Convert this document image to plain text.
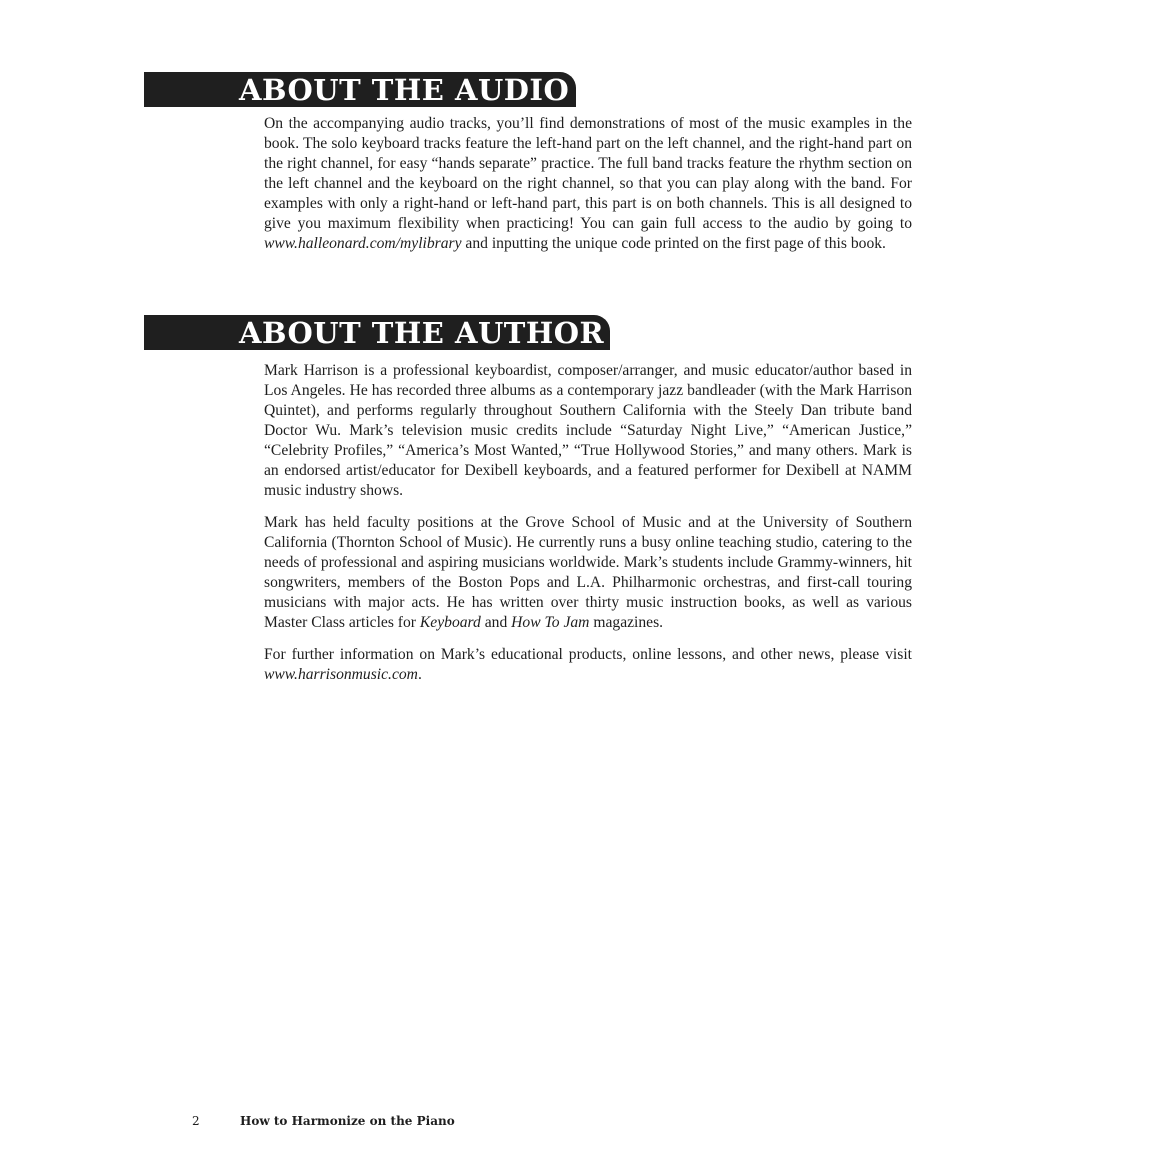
ABOUT THE AUDIO

On the accompanying audio tracks, you’ll find demonstrations of most of the music examples in the book. The solo keyboard tracks feature the left-hand part on the left channel, and the right-hand part on the right channel, for easy “hands separate” practice. The full band tracks feature the rhythm section on the left channel and the keyboard on the right channel, so that you can play along with the band. For examples with only a right-hand or left-hand part, this part is on both channels. This is all designed to give you maximum flexibility when practicing! You can gain full access to the audio by going to www.halleonard.com/mylibrary and inputting the unique code printed on the first page of this book.

ABOUT THE AUTHOR

Mark Harrison is a professional keyboardist, composer/arranger, and music educator/author based in Los Angeles. He has recorded three albums as a contemporary jazz bandleader (with the Mark Harrison Quintet), and performs regularly throughout Southern California with the Steely Dan tribute band Doctor Wu. Mark’s television music credits include “Saturday Night Live,” “American Justice,” “Celebrity Profiles,” “America’s Most Wanted,” “True Hollywood Stories,” and many others. Mark is an endorsed artist/educator for Dexibell keyboards, and a featured performer for Dexibell at NAMM music industry shows.

Mark has held faculty positions at the Grove School of Music and at the University of Southern California (Thornton School of Music). He currently runs a busy online teaching studio, catering to the needs of professional and aspiring musicians worldwide. Mark’s students include Grammy-winners, hit songwriters, members of the Boston Pops and L.A. Philharmonic orchestras, and first-call touring musicians with major acts. He has written over thirty music instruction books, as well as various Master Class articles for Keyboard and How To Jam magazines.

For further information on Mark’s educational products, online lessons, and other news, please visit www.harrisonmusic.com.

2	How to Harmonize on the Piano
